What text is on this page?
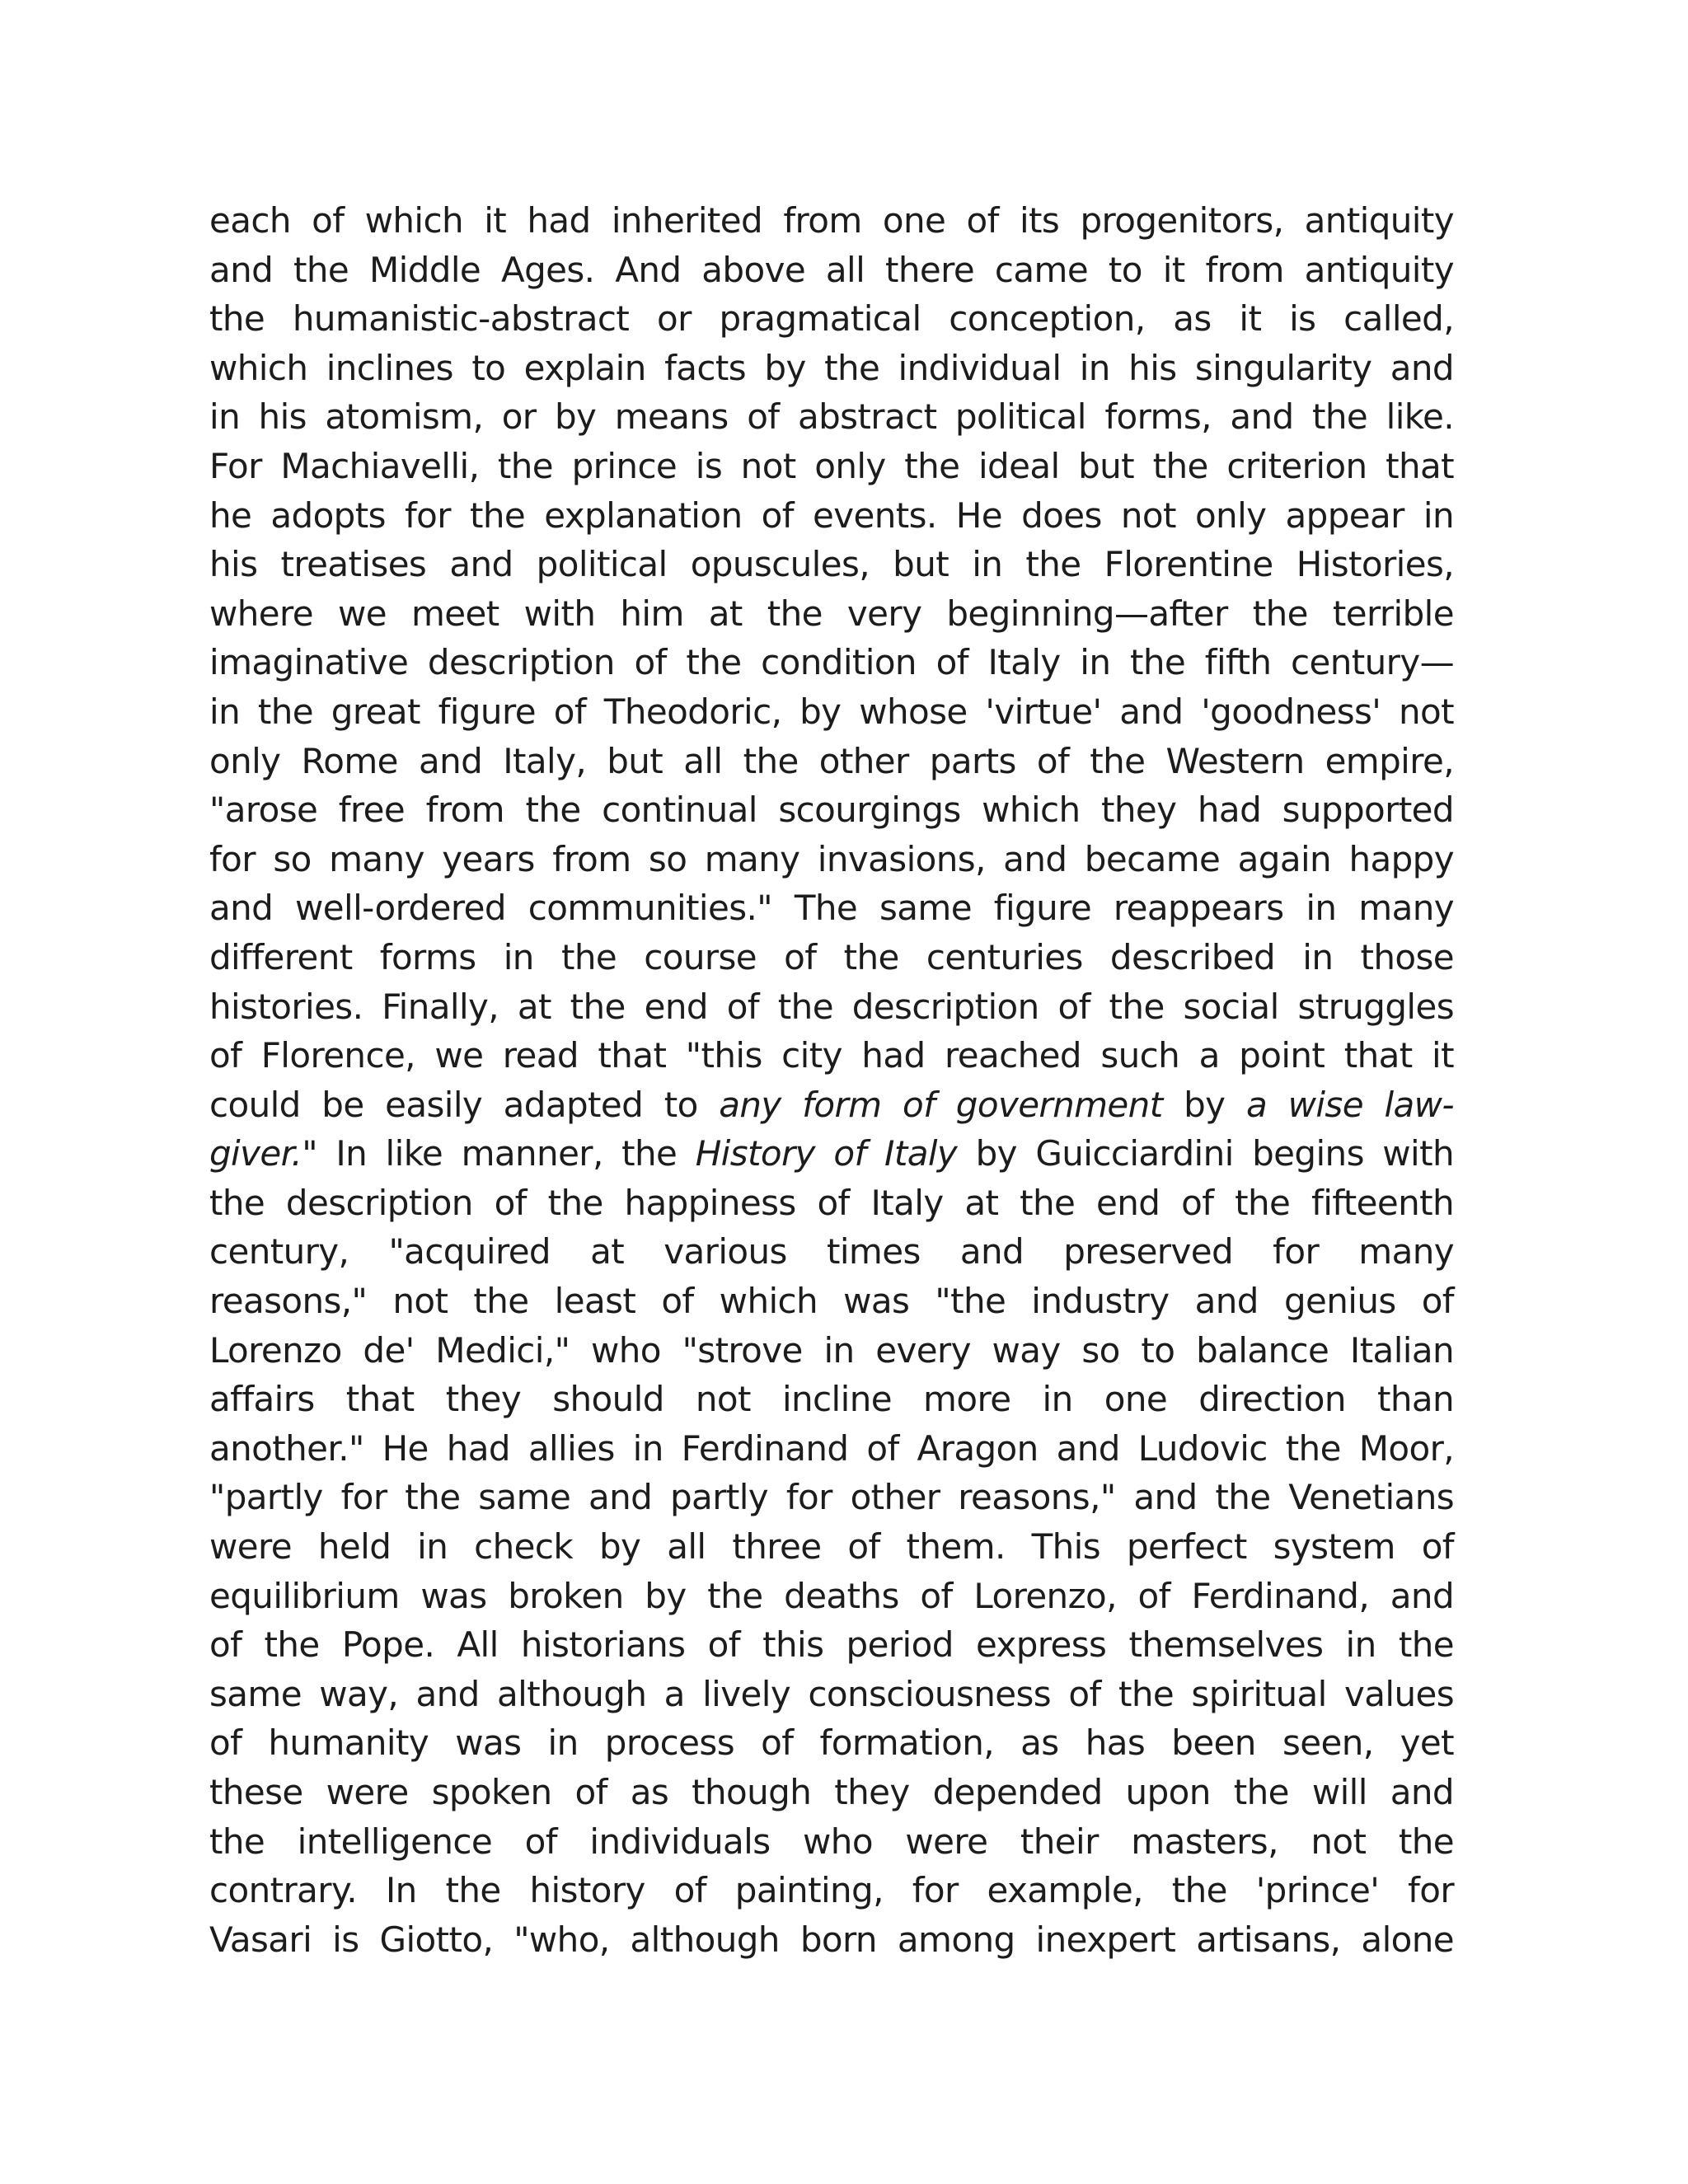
each of which it had inherited from one of its progenitors, antiquity
and the Middle Ages. And above all there came to it from antiquity
the humanistic-abstract or pragmatical conception, as it is called,
which inclines to explain facts by the individual in his singularity and
in his atomism, or by means of abstract political forms, and the like.
For Machiavelli, the prince is not only the ideal but the criterion that
he adopts for the explanation of events. He does not only appear in
his treatises and political opuscules, but in the Florentine Histories,
where we meet with him at the very beginning—after the terrible
imaginative description of the condition of Italy in the fifth century—
in the great figure of Theodoric, by whose 'virtue' and 'goodness' not
only Rome and Italy, but all the other parts of the Western empire,
"arose free from the continual scourgings which they had supported
for so many years from so many invasions, and became again happy
and well-ordered communities." The same figure reappears in many
different forms in the course of the centuries described in those
histories. Finally, at the end of the description of the social struggles
of Florence, we read that "this city had reached such a point that it
could be easily adapted to any form of government by a wise law-
giver." In like manner, the History of Italy by Guicciardini begins with
the description of the happiness of Italy at the end of the fifteenth
century, "acquired at various times and preserved for many
reasons," not the least of which was "the industry and genius of
Lorenzo de' Medici," who "strove in every way so to balance Italian
affairs that they should not incline more in one direction than
another." He had allies in Ferdinand of Aragon and Ludovic the Moor,
"partly for the same and partly for other reasons," and the Venetians
were held in check by all three of them. This perfect system of
equilibrium was broken by the deaths of Lorenzo, of Ferdinand, and
of the Pope. All historians of this period express themselves in the
same way, and although a lively consciousness of the spiritual values
of humanity was in process of formation, as has been seen, yet
these were spoken of as though they depended upon the will and
the intelligence of individuals who were their masters, not the
contrary. In the history of painting, for example, the 'prince' for
Vasari is Giotto, "who, although born among inexpert artisans, alone
